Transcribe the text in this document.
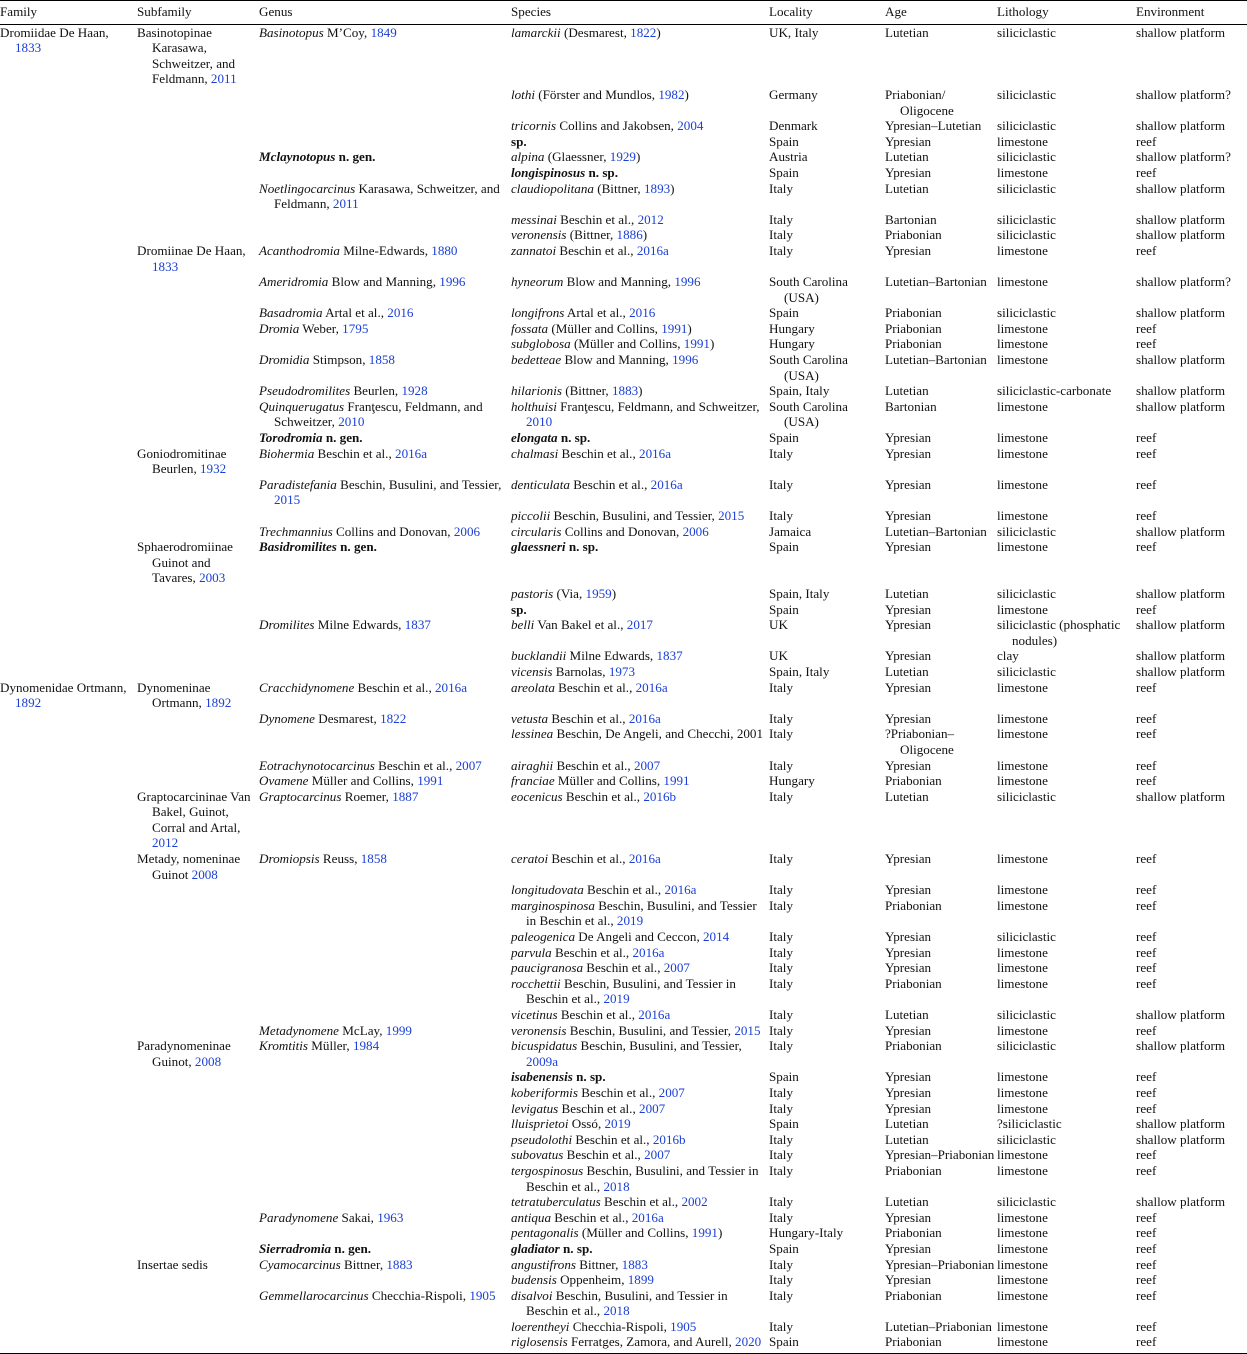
Family	Subfamily	Genus	Species	Locality	Age	Lithology	Environment

Dromiidae De Haan, 1833	Basinotopinae Karasawa, Schweitzer, and Feldmann, 2011	Basinotopus M’Coy, 1849	lamarckii (Desmarest, 1822)	UK, Italy	Lutetian	siliciclastic	shallow platform

			lothi (Förster and Mundlos, 1982)	Germany	Priabonian/ Oligocene	siliciclastic	shallow platform?

			tricornis Collins and Jakobsen, 2004	Denmark	Ypresian–Lutetian	siliciclastic	shallow platform

			sp.	Spain	Ypresian	limestone	reef

		Mclaynotopus n. gen.	alpina (Glaessner, 1929)	Austria	Lutetian	siliciclastic	shallow platform?

			longispinosus n. sp.	Spain	Ypresian	limestone	reef

		Noetlingocarcinus Karasawa, Schweitzer, and Feldmann, 2011	claudiopolitana (Bittner, 1893)	Italy	Lutetian	siliciclastic	shallow platform

			messinai Beschin et al., 2012	Italy	Bartonian	siliciclastic	shallow platform

			veronensis (Bittner, 1886)	Italy	Priabonian	siliciclastic	shallow platform

	Dromiinae De Haan, 1833	Acanthodromia Milne-Edwards, 1880	zannatoi Beschin et al., 2016a	Italy	Ypresian	limestone	reef

		Ameridromia Blow and Manning, 1996	hyneorum Blow and Manning, 1996	South Carolina (USA)	Lutetian–Bartonian	limestone	shallow platform?

		Basadromia Artal et al., 2016	longifrons Artal et al., 2016	Spain	Priabonian	siliciclastic	shallow platform

		Dromia Weber, 1795	fossata (Müller and Collins, 1991)	Hungary	Priabonian	limestone	reef

			subglobosa (Müller and Collins, 1991)	Hungary	Priabonian	limestone	reef

		Dromidia Stimpson, 1858	bedetteae Blow and Manning, 1996	South Carolina (USA)	Lutetian–Bartonian	limestone	shallow platform

		Pseudodromilites Beurlen, 1928	hilarionis (Bittner, 1883)	Spain, Italy	Lutetian	siliciclastic-carbonate	shallow platform

		Quinquerugatus Franţescu, Feldmann, and Schweitzer, 2010	holthuisi Franţescu, Feldmann, and Schweitzer, 2010	South Carolina (USA)	Bartonian	limestone	shallow platform

		Torodromia n. gen.	elongata n. sp.	Spain	Ypresian	limestone	reef

	Goniodromitinae Beurlen, 1932	Biohermia Beschin et al., 2016a	chalmasi Beschin et al., 2016a	Italy	Ypresian	limestone	reef

		Paradistefania Beschin, Busulini, and Tessier, 2015	denticulata Beschin et al., 2016a	Italy	Ypresian	limestone	reef

			piccolii Beschin, Busulini, and Tessier, 2015	Italy	Ypresian	limestone	reef

		Trechmannius Collins and Donovan, 2006	circularis Collins and Donovan, 2006	Jamaica	Lutetian–Bartonian	siliciclastic	shallow platform

	Sphaerodromiinae Guinot and Tavares, 2003	Basidromilites n. gen.	glaessneri n. sp.	Spain	Ypresian	limestone	reef

			pastoris (Via, 1959)	Spain, Italy	Lutetian	siliciclastic	shallow platform

			sp.	Spain	Ypresian	limestone	reef

		Dromilites Milne Edwards, 1837	belli Van Bakel et al., 2017	UK	Ypresian	siliciclastic (phosphatic nodules)	shallow platform

			bucklandii Milne Edwards, 1837	UK	Ypresian	clay	shallow platform

			vicensis Barnolas, 1973	Spain, Italy	Lutetian	siliciclastic	shallow platform

Dynomenidae Ortmann, 1892	Dynomeninae Ortmann, 1892	Cracchidynomene Beschin et al., 2016a	areolata Beschin et al., 2016a	Italy	Ypresian	limestone	reef

		Dynomene Desmarest, 1822	vetusta Beschin et al., 2016a	Italy	Ypresian	limestone	reef

			lessinea Beschin, De Angeli, and Checchi, 2001	Italy	?Priabonian–Oligocene	limestone	reef

		Eotrachynotocarcinus Beschin et al., 2007	airaghii Beschin et al., 2007	Italy	Ypresian	limestone	reef

		Ovamene Müller and Collins, 1991	franciae Müller and Collins, 1991	Hungary	Priabonian	limestone	reef

	Graptocarcininae Van Bakel, Guinot, Corral and Artal, 2012	Graptocarcinus Roemer, 1887	eocenicus Beschin et al., 2016b	Italy	Lutetian	siliciclastic	shallow platform

	Metady, nomeninae Guinot 2008	Dromiopsis Reuss, 1858	ceratoi Beschin et al., 2016a	Italy	Ypresian	limestone	reef

			longitudovata Beschin et al., 2016a	Italy	Ypresian	limestone	reef

			marginospinosa Beschin, Busulini, and Tessier in Beschin et al., 2019	Italy	Priabonian	limestone	reef

			paleogenica De Angeli and Ceccon, 2014	Italy	Ypresian	siliciclastic	reef

			parvula Beschin et al., 2016a	Italy	Ypresian	limestone	reef

			paucigranosa Beschin et al., 2007	Italy	Ypresian	limestone	reef

			rocchettii Beschin, Busulini, and Tessier in Beschin et al., 2019	Italy	Priabonian	limestone	reef

			vicetinus Beschin et al., 2016a	Italy	Lutetian	siliciclastic	shallow platform

		Metadynomene McLay, 1999	veronensis Beschin, Busulini, and Tessier, 2015	Italy	Ypresian	limestone	reef

	Paradynomeninae Guinot, 2008	Kromtitis Müller, 1984	bicuspidatus Beschin, Busulini, and Tessier, 2009a	Italy	Priabonian	siliciclastic	shallow platform

			isabenensis n. sp.	Spain	Ypresian	limestone	reef

			koberiformis Beschin et al., 2007	Italy	Ypresian	limestone	reef

			levigatus Beschin et al., 2007	Italy	Ypresian	limestone	reef

			lluisprietoi Ossó, 2019	Spain	Lutetian	?siliciclastic	shallow platform

			pseudolothi Beschin et al., 2016b	Italy	Lutetian	siliciclastic	shallow platform

			subovatus Beschin et al., 2007	Italy	Ypresian–Priabonian	limestone	reef

			tergospinosus Beschin, Busulini, and Tessier in Beschin et al., 2018	Italy	Priabonian	limestone	reef

			tetratuberculatus Beschin et al., 2002	Italy	Lutetian	siliciclastic	shallow platform

		Paradynomene Sakai, 1963	antiqua Beschin et al., 2016a	Italy	Ypresian	limestone	reef

			pentagonalis (Müller and Collins, 1991)	Hungary-Italy	Priabonian	limestone	reef

		Sierradromia n. gen.	gladiator n. sp.	Spain	Ypresian	limestone	reef

	Insertae sedis	Cyamocarcinus Bittner, 1883	angustifrons Bittner, 1883	Italy	Ypresian–Priabonian	limestone	reef

			budensis Oppenheim, 1899	Italy	Ypresian	limestone	reef

		Gemmellarocarcinus Checchia-Rispoli, 1905	disalvoi Beschin, Busulini, and Tessier in Beschin et al., 2018	Italy	Priabonian	limestone	reef

			loerentheyi Checchia-Rispoli, 1905	Italy	Lutetian–Priabonian	limestone	reef

			riglosensis Ferratges, Zamora, and Aurell, 2020	Spain	Priabonian	limestone	reef
